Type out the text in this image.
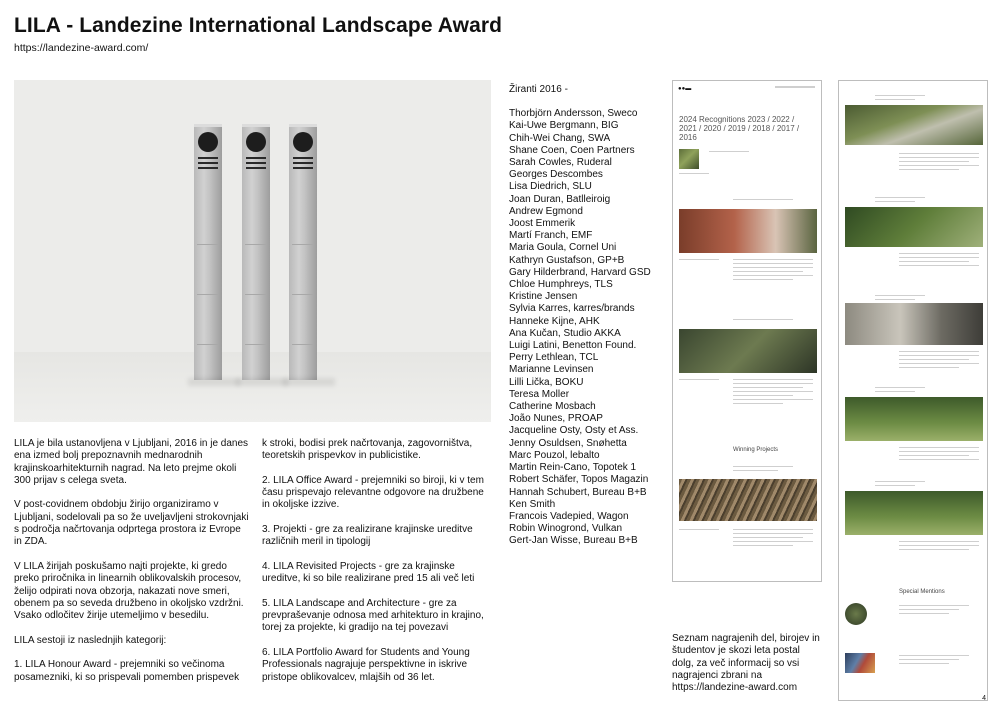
LILA - Landezine International Landscape Award
https://landezine-award.com/

LILA je bila ustanovljena v Ljubljani, 2016 in je danes ena izmed bolj prepoznavnih mednarodnih krajinskoarhitekturnih nagrad. Na leto prejme okoli 300 prijav s celega sveta.

V post-covidnem obdobju žirijo organiziramo v Ljubljani, sodelovali pa so že uveljavljeni strokovnjaki s področja načrtovanja odprtega prostora iz Evrope in ZDA.

V LILA žirijah poskušamo najti projekte, ki gredo preko priročnika in linearnih oblikovalskih procesov, želijo odpirati nova obzorja, nakazati nove smeri, obenem pa so seveda družbeno in okoljsko vzdržni. Vsako odločitev žirije utemeljimo v besedilu.

LILA sestoji iz naslednjih kategorij:

1. LILA Honour Award - prejemniki so večinoma posamezniki, ki so prispevali pomemben prispevek

k stroki, bodisi prek načrtovanja, zagovorništva, teoretskih prispevkov in publicistike.

2. LILA Office Award - prejemniki so biroji, ki v tem času prispevajo relevantne odgovore na družbene in okoljske izzive.

3. Projekti - gre za realizirane krajinske ureditve različnih meril in tipologij

4. LILA Revisited Projects - gre za krajinske ureditve, ki so bile realizirane pred 15 ali več leti

5. LILA Landscape and Architecture - gre za prevpraševanje odnosa med arhitekturo in krajino, torej za projekte, ki gradijo na tej povezavi

6. LILA Portfolio Award for Students and Young Professionals nagrajuje perspektivne in iskrive pristope oblikovalcev, mlajših od 36 let.

Žiranti 2016 -
Thorbjörn Andersson, Sweco
Kai-Uwe Bergmann, BIG
Chih-Wei Chang, SWA
Shane Coen, Coen Partners
Sarah Cowles, Ruderal
Georges Descombes
Lisa Diedrich, SLU
Joan Duran, Batlleiroig
Andrew Egmond
Joost Emmerik
Martí Franch, EMF
Maria Goula, Cornel Uni
Kathryn Gustafson, GP+B
Gary Hilderbrand, Harvard GSD
Chloe Humphreys, TLS
Kristine Jensen
Sylvia Karres, karres/brands
Hanneke Kijne, AHK
Ana Kučan, Studio AKKA
Luigi Latini, Benetton Found.
Perry Lethlean, TCL
Marianne Levinsen
Lilli Lička, BOKU
Teresa Moller
Catherine Mosbach
João Nunes, PROAP
Jacqueline Osty, Osty et Ass.
Jenny Osuldsen, Snøhetta
Marc Pouzol, lebalto
Martin Rein-Cano, Topotek 1
Robert Schäfer, Topos Magazin
Hannah Schubert, Bureau B+B
Ken Smith
Francois Vadepied, Wagon
Robin Winogrond, Vulkan
Gert-Jan Wisse, Bureau B+B
●●▬
2024 Recognitions 2023 / 2022 / 2021 / 2020 / 2019 / 2018 / 2017 / 2016
Winning Projects
Special Mentions
Seznam nagrajenih del, birojev in študentov je skozi leta postal dolg, za več informacij so vsi nagrajenci zbrani na https://landezine-award.com
4
